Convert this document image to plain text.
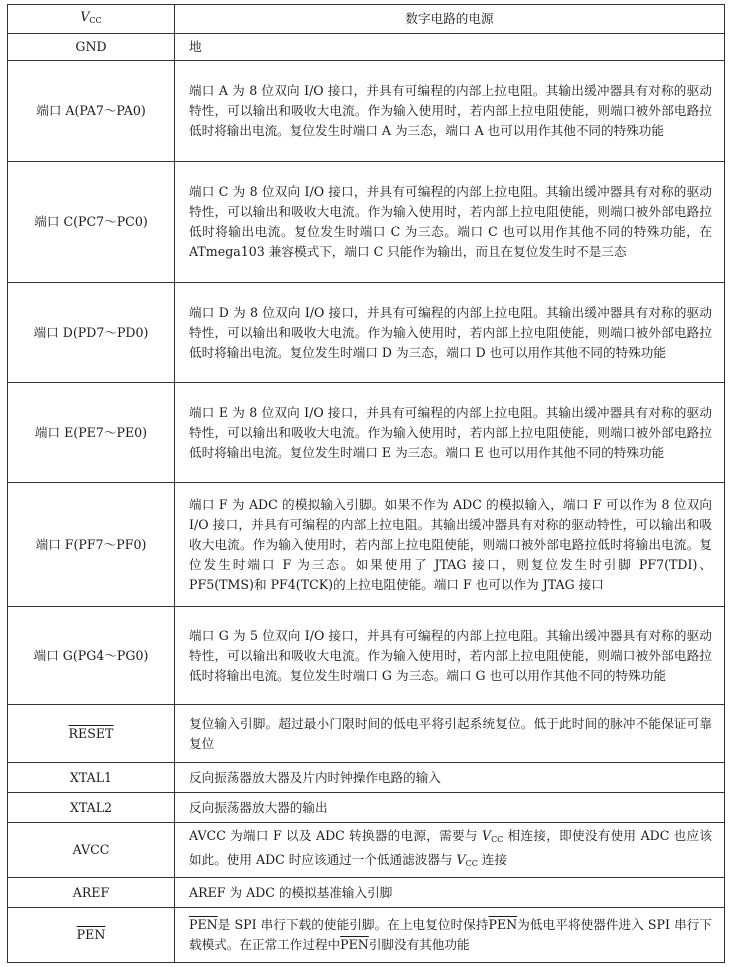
$V_{CC}$	数字电路的电源
GND	地
端口 A(PA7～PA0)	端口 A 为 8 位双向 I/O 接口，并具有可编程的内部上拉电阻。其输出缓冲器具有对称的驱动特性，可以输出和吸收大电流。作为输入使用时，若内部上拉电阻使能，则端口被外部电路拉低时将输出电流。复位发生时端口 A 为三态，端口 A 也可以用作其他不同的特殊功能
端口 C(PC7～PC0)	端口 C 为 8 位双向 I/O 接口，并具有可编程的内部上拉电阻。其输出缓冲器具有对称的驱动特性，可以输出和吸收大电流。作为输入使用时，若内部上拉电阻使能，则端口被外部电路拉低时将输出电流。复位发生时端口 C 为三态。端口 C 也可以用作其他不同的特殊功能，在 ATmega103 兼容模式下，端口 C 只能作为输出，而且在复位发生时不是三态
端口 D(PD7～PD0)	端口 D 为 8 位双向 I/O 接口，并具有可编程的内部上拉电阻。其输出缓冲器具有对称的驱动特性，可以输出和吸收大电流。作为输入使用时，若内部上拉电阻使能，则端口被外部电路拉低时将输出电流。复位发生时端口 D 为三态，端口 D 也可以用作其他不同的特殊功能
端口 E(PE7～PE0)	端口 E 为 8 位双向 I/O 接口，并具有可编程的内部上拉电阻。其输出缓冲器具有对称的驱动特性，可以输出和吸收大电流。作为输入使用时，若内部上拉电阻使能，则端口被外部电路拉低时将输出电流。复位发生时端口 E 为三态。端口 E 也可以用作其他不同的特殊功能
端口 F(PF7～PF0)	端口 F 为 ADC 的模拟输入引脚。如果不作为 ADC 的模拟输入，端口 F 可以作为 8 位双向 I/O 接口，并具有可编程的内部上拉电阻。其输出缓冲器具有对称的驱动特性，可以输出和吸收大电流。作为输入使用时，若内部上拉电阻使能，则端口被外部电路拉低时将输出电流。复位发生时端口 F 为三态。如果使用了 JTAG 接口，则复位发生时引脚 PF7(TDI)、PF5(TMS)和 PF4(TCK)的上拉电阻使能。端口 F 也可以作为 JTAG 接口
端口 G(PG4～PG0)	端口 G 为 5 位双向 I/O 接口，并具有可编程的内部上拉电阻。其输出缓冲器具有对称的驱动特性，可以输出和吸收大电流。作为输入使用时，若内部上拉电阻使能，则端口被外部电路拉低时将输出电流。复位发生时端口 G 为三态。端口 G 也可以用作其他不同的特殊功能
RESET	复位输入引脚。超过最小门限时间的低电平将引起系统复位。低于此时间的脉冲不能保证可靠复位
XTAL1	反向振荡器放大器及片内时钟操作电路的输入
XTAL2	反向振荡器放大器的输出
AVCC	AVCC 为端口 F 以及 ADC 转换器的电源，需要与 $V_{CC}$ 相连接，即使没有使用 ADC 也应该如此。使用 ADC 时应该通过一个低通滤波器与 $V_{CC}$ 连接
AREF	AREF 为 ADC 的模拟基准输入引脚
$\overline{PEN}$	$\overline{PEN}$是 SPI 串行下载的使能引脚。在上电复位时保持$\overline{PEN}$为低电平将使器件进入 SPI 串行下载模式。在正常工作过程中$\overline{PEN}$引脚没有其他功能
